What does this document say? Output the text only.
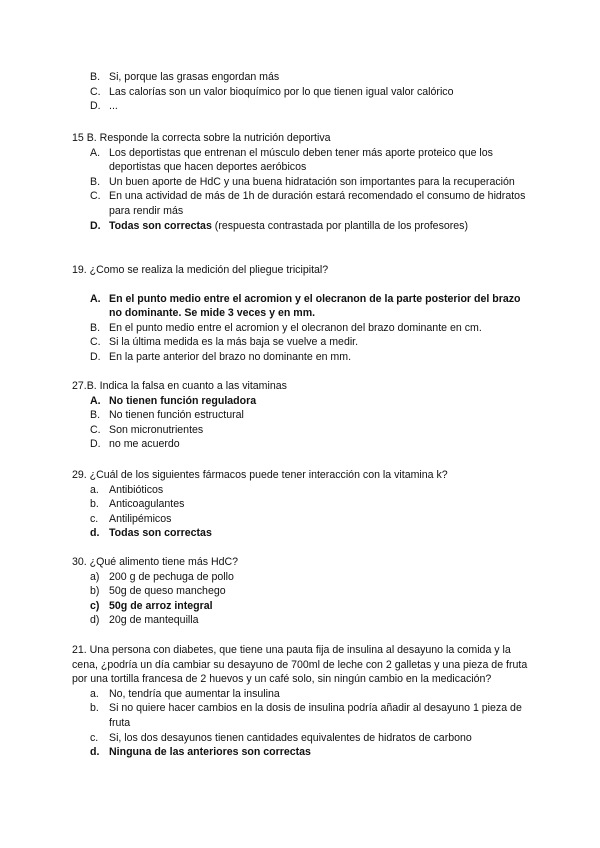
B. Si, porque las grasas engordan más
C. Las calorías son un valor bioquímico por lo que tienen igual valor calórico
D. ...

15 B. Responde la correcta sobre la nutrición deportiva

A. Los deportistas que entrenan el músculo deben tener más aporte proteico que los deportistas que hacen deportes aeróbicos
B. Un buen aporte de HdC y una buena hidratación son importantes para la recuperación
C. En una actividad de más de 1h de duración estará recomendado el consumo de hidratos para rendir más
D. Todas son correctas (respuesta contrastada por plantilla de los profesores)

19. ¿Como se realiza la medición del pliegue tricipital?

A. En el punto medio entre el acromion y el olecranon de la parte posterior del brazo no dominante. Se mide 3 veces y en mm.
B. En el punto medio entre el acromion y el olecranon del brazo dominante en cm.
C. Si la última medida es la más baja se vuelve a medir.
D. En la parte anterior del brazo no dominante en mm.

27.B. Indica la falsa en cuanto a las vitaminas

A. No tienen función reguladora
B. No tienen función estructural
C. Son micronutrientes
D. no me acuerdo

29. ¿Cuál de los siguientes fármacos puede tener interacción con la vitamina k?

a. Antibióticos
b. Anticoagulantes
c. Antilipémicos
d. Todas son correctas

30. ¿Qué alimento tiene más HdC?

a) 200 g de pechuga de pollo
b) 50g de queso manchego
c) 50g de arroz integral
d) 20g de mantequilla

21. Una persona con diabetes, que tiene una pauta fija de insulina al desayuno la comida y la cena, ¿podría un día cambiar su desayuno de 700ml de leche con 2 galletas y una pieza de fruta por una tortilla francesa de 2 huevos y un café solo, sin ningún cambio en la medicación?

a. No, tendría que aumentar la insulina
b. Si no quiere hacer cambios en la dosis de insulina podría añadir al desayuno 1 pieza de fruta
c. Si, los dos desayunos tienen cantidades equivalentes de hidratos de carbono
d. Ninguna de las anteriores son correctas
